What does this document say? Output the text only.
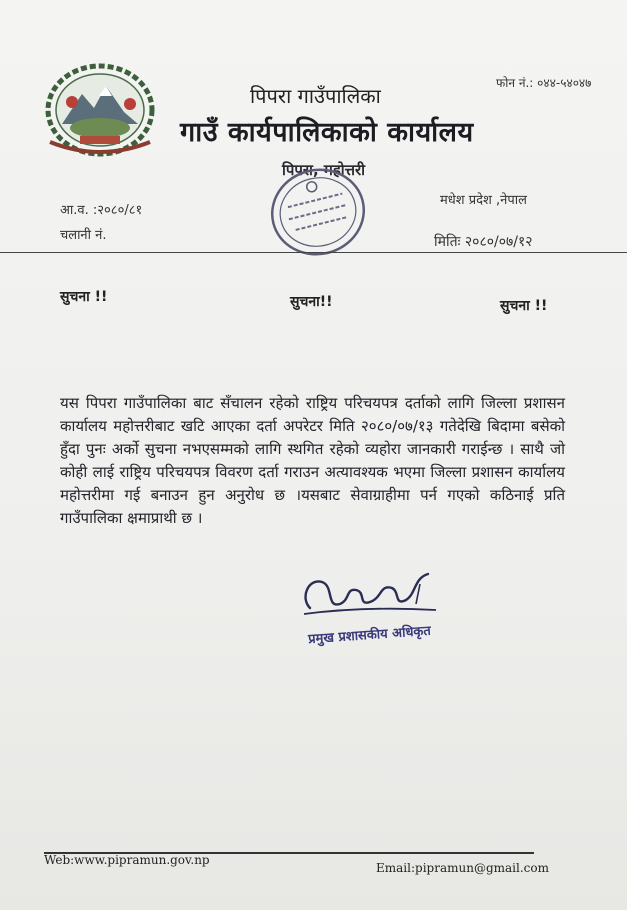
फोन नं.: ०४४-५४०४७
पिपरा गाउँपालिका
गाउँ कार्यपालिकाको कार्यालय
पिपरा, महोत्तरी
मधेश प्रदेश ,नेपाल
आ.व. :२०८०/८१
चलानी नं.	मितिः २०८०/०७/१२
सुचना !!	सुचना!!	सुचना !!
यस पिपरा गाउँपालिका बाट सँचालन रहेको राष्ट्रिय परिचयपत्र दर्ताको लागि जिल्ला प्रशासन कार्यालय महोत्तरीबाट खटि आएका दर्ता अपरेटर मिति २०८०/०७/१३ गतेदेखि बिदामा बसेको हुँदा पुनः अर्को सुचना नभएसम्मको लागि स्थगित रहेको व्यहोरा जानकारी गराईन्छ । साथै जो कोही लाई राष्ट्रिय परिचयपत्र विवरण दर्ता गराउन अत्यावश्यक भएमा जिल्ला प्रशासन कार्यालय महोत्तरीमा गई बनाउन हुन अनुरोध छ ।यसबाट सेवाग्राहीमा पर्न गएको कठिनाई प्रति गाउँपालिका क्षमाप्राथी छ ।
प्रमुख प्रशासकीय अधिकृत
Web:www.pipramun.gov.np
Email:pipramun@gmail.com
